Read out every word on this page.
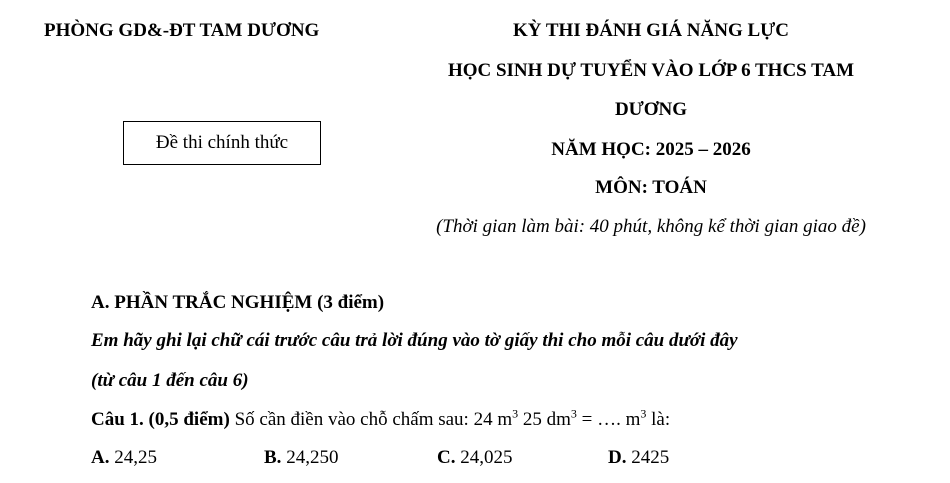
PHÒNG GD&-ĐT TAM DƯƠNG	KỲ THI ĐÁNH GIÁ NĂNG LỰC
HỌC SINH DỰ TUYỂN VÀO LỚP 6 THCS TAM
DƯƠNG
NĂM HỌC: 2025 – 2026
MÔN: TOÁN
(Thời gian làm bài: 40 phút, không kể thời gian giao đề)
Đề thi chính thức
A. PHẦN TRẮC NGHIỆM (3 điểm)
Em hãy ghi lại chữ cái trước câu trả lời đúng vào tờ giấy thi cho mỗi câu dưới đây
(từ câu 1 đến câu 6)
Câu 1. (0,5 điểm) Số cần điền vào chỗ chấm sau: 24 $m^3$ 25 $dm^3$ = …. $m^3$ là:
A. 24,25	B. 24,250	C. 24,025	D. 2425
